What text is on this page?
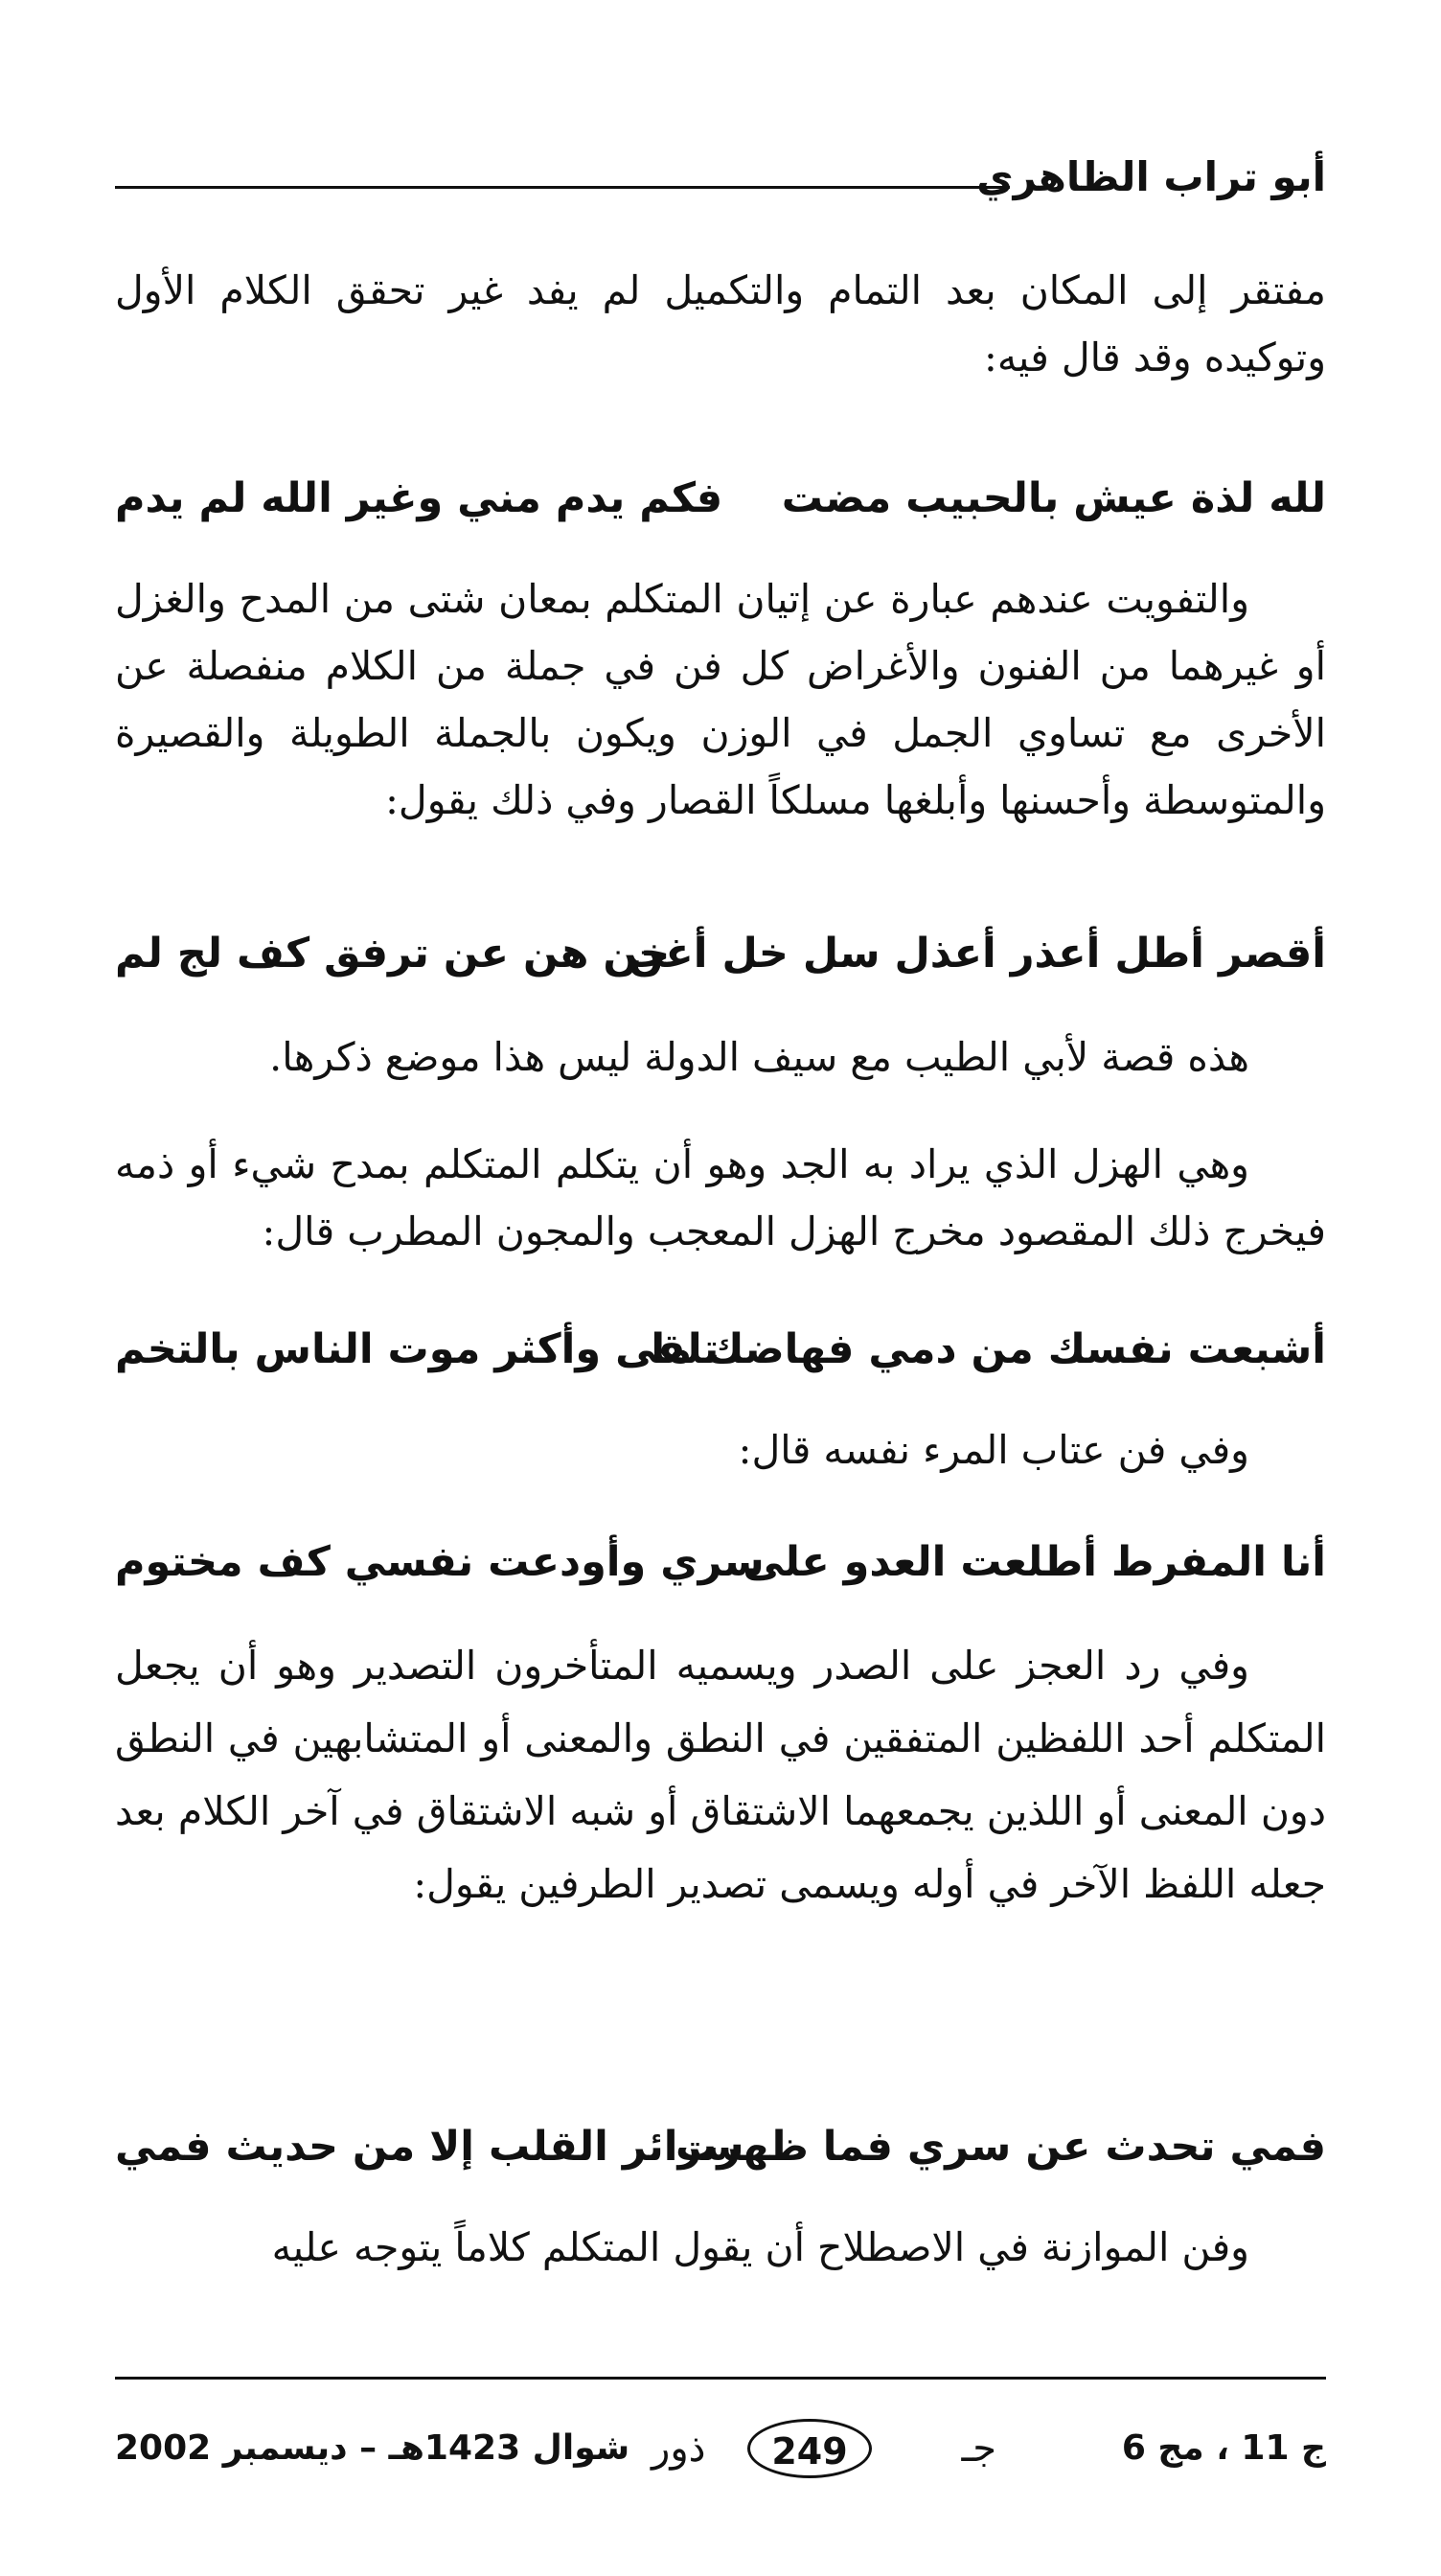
أبو تراب الظاهري

مفتقر إلى المكان بعد التمام والتكميل لم يفد غير تحقق الكلام الأول وتوكيده وقد قال فيه:

لله لذة عيش بالحبيب مضت
فكم يدم مني وغير الله لم يدم

والتفويت عندهم عبارة عن إتيان المتكلم بمعان شتى من المدح والغزل أو غيرهما من الفنون والأغراض كل فن في جملة من الكلام منفصلة عن الأخرى مع تساوي الجمل في الوزن ويكون بالجملة الطويلة والقصيرة والمتوسطة وأحسنها وأبلغها مسلكاً القصار وفي ذلك يقول:

أقصر أطل أعذر أعذل سل خل أغن
خن هن عن ترفق كف لج لم

هذه قصة لأبي الطيب مع سيف الدولة ليس هذا موضع ذكرها.

وهي الهزل الذي يراد به الجد وهو أن يتكلم المتكلم بمدح شيء أو ذمه فيخرج ذلك المقصود مخرج الهزل المعجب والمجون المطرب قال:

أشبعت نفسك من دمي فهاضك ما
تلقى وأكثر موت الناس بالتخم

وفي فن عتاب المرء نفسه قال:

أنا المفرط أطلعت العدو على
سري وأودعت نفسي كف مختوم

وفي رد العجز على الصدر ويسميه المتأخرون التصدير وهو أن يجعل المتكلم أحد اللفظين المتفقين في النطق والمعنى أو المتشابهين في النطق دون المعنى أو اللذين يجمعهما الاشتقاق أو شبه الاشتقاق في آخر الكلام بعد جعله اللفظ الآخر في أوله ويسمى تصدير الطرفين يقول:

فمي تحدث عن سري فما ظهرت
سرائر القلب إلا من حديث فمي

وفن الموازنة في الاصطلاح أن يقول المتكلم كلاماً يتوجه عليه

شوال 1423هـ – ديسمبر 2002 ذور	249	جـ	ج 11 ، مج 6
